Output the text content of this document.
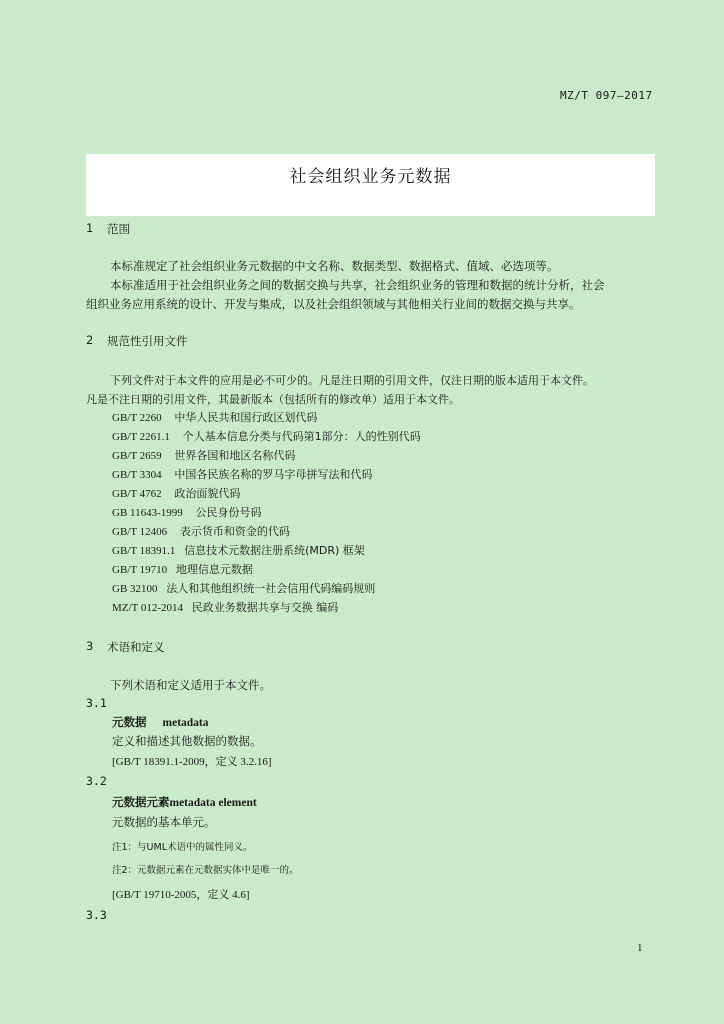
MZ/T 097—2017
社会组织业务元数据
1 范围
本标准规定了社会组织业务元数据的中文名称、数据类型、数据格式、值域、必选项等。
本标准适用于社会组织业务之间的数据交换与共享，社会组织业务的管理和数据的统计分析，社会
组织业务应用系统的设计、开发与集成，以及社会组织领域与其他相关行业间的数据交换与共享。
2 规范性引用文件
下列文件对于本文件的应用是必不可少的。凡是注日期的引用文件，仅注日期的版本适用于本文件。
凡是不注日期的引用文件，其最新版本（包括所有的修改单）适用于本文件。
GB/T 2260 中华人民共和国行政区划代码
GB/T 2261.1 个人基本信息分类与代码第1部分：人的性别代码
GB/T 2659 世界各国和地区名称代码
GB/T 3304 中国各民族名称的罗马字母拼写法和代码
GB/T 4762 政治面貌代码
GB 11643-1999 公民身份号码
GB/T 12406 表示货币和资金的代码
GB/T 18391.1 信息技术元数据注册系统(MDR) 框架
GB/T 19710 地理信息元数据
GB 32100 法人和其他组织统一社会信用代码编码规则
MZ/T 012-2014 民政业务数据共享与交换 编码
3 术语和定义
下列术语和定义适用于本文件。
3.1
元数据 metadata
定义和描述其他数据的数据。
[GB/T 18391.1-2009，定义 3.2.16]
3.2
元数据元素metadata element
元数据的基本单元。
注1：与UML术语中的属性同义。
注2：元数据元素在元数据实体中是唯一的。
[GB/T 19710-2005，定义 4.6]
3.3
1
